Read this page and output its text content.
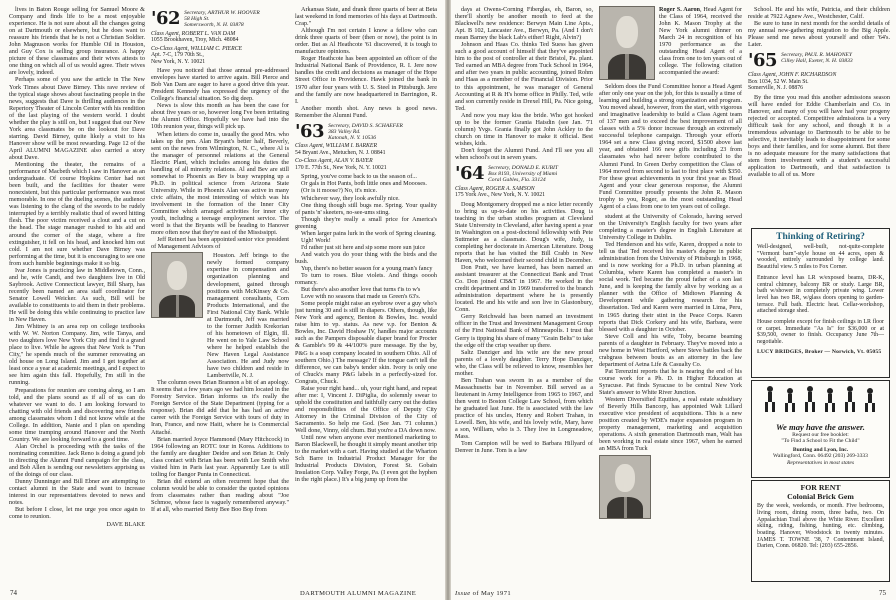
lives in Baton Rouge selling for Samuel Moore & Company and finds life to be a most enjoyable experience. He is not sure about all the changes going on at Dartmouth or elsewhere, but he does want to reassure his friends that he is not a Christian Soldier. John Magnuson works for Humble Oil in Houston, and Guy Cox is selling group insurance. A happy picture of these classmates and their wives attests to one thing on which all of us would agree. Their wives are lovely, indeed.

Perhaps some of you saw the article in The New York Times about Dave Birney. This rave review of the typical stage shows about fascinating people in the news, suggests that Dave is thrilling audiences in the Repertory Theater of Lincoln Center with his rendition of the last playing of the western world. I doubt whether the play is still on, but I suggest that our New York area classmates be on the lookout for Dave starring. David Birney, quite likely a visit to his Hanover show will be most rewarding. Page 12 of the April ALUMNI MAGAZINE also carried a story about Dave.

Mentioning the theater, the remains of a performance of Macbeth which I saw in Hanover as an undergraduate. Of course Hopkins Center had not been built, and the facilities for theater were nonexistent, but this particular performance was most memorable. In one of the dueling scenes, the audience was listening to the clang of the swords to be rudely interrupted by a terribly realistic thud of sword hitting flesh. The poor victim received a clout and a cut on the head. The stage manager rushed to his aid and around the corner of the stage, where a fire extinguisher, it fell on his head, and knocked him out cold. I am not sure whether Dave Birney was performing at the time, but it is encouraging to see one from such humble beginnings make it so big.

Ivar Jones is practicing law in Middletown, Conn., and he, wife Candi, and two daughters live in Old Saybrook. Active Connecticut lawyer, Bill Sharp, has recently been named an area staff coordinator for Senator Lowell Weicker. As such, Bill will be available to constituents to aid them in their problems. He will be doing this while continuing to practice law in New Haven.

Jim Whitney is an area rep on college textbooks with W. W. Norton Company. Jim, wife Tanya, and two daughters love New York City and find it a grand place to live. While he agrees that New York is "Fun City," he spends much of the summer renovating an old house on Long Island. Jim and I get together at least once a year at academic meetings, and I expect to see him again this fall. Hopefully, I'm still in the running.

Preparations for reunion are coming along, so I am told, and the plans sound as if all of us can do whatever we want to do. I am looking forward to chatting with old friends and discovering new friends among classmates whom I did not know while at the College. In addition, Nanie and I plan on spending some time tramping around Hanover and the North Country. We are looking forward to a good time.

Alan Orchel is proceeding with the tasks of the nominating committee. Jack Reno is doing a grand job in directing the Alumni Fund campaign for the class, and Bob Allen is sending our newsletters apprising us of the doings of our class.

Dunny Dunninger and Bill Ebner are attempting to contact alumni in the State and want to increase interest in our representatives devoted to news and notes.

But before I close, let me urge you once again to come to reunion.

DAVE BLAKE

'62 Secretary, ARTHUR W. HOOVER
58 High St.
Somersworth, N. H. 03878
Class Agent, ROBERT L. VAN DAM
1055 Brookhaven, Troy, Mich. 48084
Co-Class Agent, WILLIAM C. PIERCE
Apt. 7-C, 179 70th St.,
New York, N. Y. 10021

Have you noticed that those annual pre-addressed envelopes have started to arrive again. Bill Pierce and Bob Van Dam are eager to have a good drive this year. President Kennedy has expressed the urgency of the College's financial situation. So dig deep.

News is slow this month as has been the case for about five years or so, however long I've been irritating the Alumni Office. Hopefully we have had into the 10th reunion year, things will pick up.

When letters do come in, usually the good Mrs. who takes up the pen. Alan Bryant's better half, Beverly, sent on the news from Wilmington, N. C., where Al is the manager of personnel relations at the General Electric Plant, which includes among his duties the handling of all minority relations. Al and Bev are still somewhat to Phoenix as Bev is busy wrapping up a Ph.D. in political science from Arizona State University. While in Phoenix Alan was active in many civic affairs, the most interesting of which was his involvement in the formation of the Inner City Committee which arranged activities for inner city youth, including a teenage employment service. The word is that the Bryants will be heading to Hanover more often now that they're east of the Mississippi.

Jeff Reinert has been appointed senior vice president of Management Advisors of

Houston. Jeff brings to the newly formed company expertise in compensation and organization planning and development, gained through positions with McKinsey & Co. management consultants, Corn Products International, and the First National City Bank. While at Dartmouth, Jeff was married to the former Judith Krekorian of his hometown of Elgin, Ill. He went on to Yale Law School where he helped establish the New Haven Legal Assistance Association. He and Judy now have two children and reside in Lambertville, N. J.

The column owes Brian Brannon a bit of an apology. It seems that a few years ago we had him located in the Forestry Service. Brian informs us it's really the Foreign Service of the State Department (typing for a response). Brian did add that he has had an active career with the Foreign Service with tours of duty in Iran, France, and now Haiti, where he is Commercial Attaché.

Brian married Joyce Hammond (Mary Hitchcock) in 1964 following an ROTC tour in Korea. Additions to the family are daughter Deidre and son Brian Jr. Only class contact with Brian has been with Lee Smith who visited him in Paris last year. Apparently Lee is still toiling for Bangor Punta in Connecticut.

Brian did extend an often recurrent hope that the column would be able to consider the quoted opinions from classmates rather than reading about "Joe Schmoe, whose face is vaguely remembered anyway." If at all, who married Betty Bee Boo Bop from

Arkansas State, and drank three quarts of beer at Beta last weekend in fond memories of his days at Dartmouth. Crap."

Although I'm not certain I know a fellow who can drink three quarts of beer (then or now), the point is in order. But as Al Heathcote '61 discovered, it is tough to manufacture opinions.

Roger Heathcote has been appointed an officer of the Industrial National Bank of Providence, R. I. Jere now handles the credit and decisions as manager of the Hope Street Office in Providence. Hawk joined the bank in 1970 after four years with U. S. Steel in Pittsburgh. Jere and the family are now headquartered in Barrington, R. I.

Another month shot. Any news is good news. Remember the Alumni Fund.

'63 Secretary, DAVID S. SCHAEFER
383 Valley Rd.
Katonah, N. Y. 10536
Class Agent, WILLIAM I. BARKER
54 Bryant Ave., Metuchen, N. J. 08841
Co-Class Agent, ALAN V. BAYER
170 E. 77th St., New York, N. Y. 10021

Spring, you've come back to us the season of...

Or gals in Hot Pants, both little ones and Moooses.

(Or is it moose?) No, it's mice.

Whichever way, they look awfully nice.

One thing though still bugs me. Spring. Your quality of pants 'n' skeeters, no-see-ums sting.

Though they're really a small price for America's greening

When larger pains lurk in the work of Spring cleaning.

Ugh! Work!

I'd rather just sit here and sip some more sun juice

And watch you do your thing with the birds and the bush.

Yup, there's no better season for a young man's fancy

To turn to roses. Blue violets. And things ooooh romancy.

But there's also another love that turns t'is to w's

Love with no seasons that made us Green's 63's.

Some people might raise an eyebrow over a guy who's just turning 30 and is still in diapers. Others, though, like New York and agency, Benton & Bowles, Inc. would raise him to vp. status. As new v.p. for Benton & Bowles, Inc. David Hoshaw IV, handles major accounts such as the Pampers disposable diaper brand for Procter & Gamble's 99 & 44/100% pure message. By the by, P&G is a soap company located in southern Ohio. All of southern Ohio.) The message? If the tongue can't tell the difference, we can baby's tender skin. Ivory is only one of Chuck's many P&G labels in a perfectly-sized for. Congrats, Chuck.

Raise your right hand... uh, your right hand, and repeat after me: I, Vincent J. DiPiglia, do solemnly swear to uphold the constitution and faithfully carry out the duties and responsibilities of the Office of Deputy City Attorney in the Criminal Division of the City of Sacramento. So help me God. (See Jan. '71 column.) Well done, Vinny, old chum. But you're a DA down now.

Until now when anyone ever mentioned marketing to Baron Blackwell, he thought it simply meant another trip to the market with a cart. Having studied at the Wharton Sch Barre in Industrial Product Manager for the Industrial Products Division, Forest St. Gobain Insulation Corp. Valley Forge, Pa. (I even got the hyphen in the right place.) It's a big jump up from the

74	DARTMOUTH ALUMNI MAGAZINE

days at Owens-Corning Fiberglas, eh, Baron, so, there'll shortly be another mouth to feed at the Blackwell's new residence: Berwyn Main Line Apts., Apt. B 102, Lancaster Ave., Berwyn, Pa. (And I don't mean Barney the black Lab's either! Right, Alvin?)

Johnson and Haas Co. thinks Ted Suess has given such a good account of himself that they've appointed him to the post of controller at their Bristol, Pa. plant. Ted earned an MBA degree from Tuck School in 1964, and after two years in public accounting, joined Rohm and Haas as a member of the Financial Division. Prior to this appointment, he was manager of General Accounting at R & H's home office in Philly. Ted, wife and son currently reside in Drexel Hill, Pa. Nice going, Ted.

And now you may kiss the bride. Who got hooked up to be the former Grania Haisdin (see Jan. '71 column) Yvgs. Grania finally got John Ackley to the church on time in Hanover to make it official. Best wishes, kids.

Don't forget the Alumni Fund. And I'll see you all when school's out in seven years.

'64 Secretary, DONALD E. KUBIT
Box 8193, University of Miami
Coral Gables, Fla. 33124
Class Agent, ROGER A. SAMSON
175 York Ave., New York, N. Y. 10021

Doug Montgomery dropped me a nice letter recently to bring us up-to-date on his activities. Doug is teaching in the urban studies program at Cleveland State University in Cleveland, after having spent a year in Washington on a post-doctoral fellowship with Pete Suttmeier as a classmate. Doug's wife, Judy, is completing her doctorate in American Literature. Doug reports that he has visited the Bill Crabb in New Haven, who welcomed their second child in December.

Don Pratt, we have learned, has been named an assistant treasurer at the Connecticut Bank and Trust Co. Don joined CB&T in 1967. He worked in the credit department and in 1969 transferred to the branch administration department where he is presently located. He and his wife and son live in Glastonbury, Conn.

Gerry Reichwald has been named an investment officer in the Trust and Investment Management Group of the First National Bank of Minneapolis. I trust that Gerry is tipping his share of many "Grain Belts" to take the edge off the crisp weather up there.

Saltz Danziger and his wife are the new proud parents of a lovely daughter. Terry Hope Danziger, who, the Class will be relieved to know, resembles her mother.

Ben Trahan was sworn in as a member of the Massachusetts bar in November. Bill served as a lieutenant in Army Intelligence from 1965 to 1967, and then went to Boston College Law School, from which he graduated last June. He is associated with the law practice of his uncles, Henry and Robert Trahan, in Lowell. Ben, his wife, and his lovely wife, Mary, have a son, William, who is 3. They live in Longmeadow, Mass.

Tom Campion will be wed to Barbara Hillyard of Denver in June. Tom is a law

Roger S. Aaron, Head Agent for the Class of 1964, received the John K. Mason Trophy at the New York alumni dinner on March 24 in recognition of his 1970 performance as the outstanding Head Agent of a class from one to ten years out of college. The following citation accompanied the award:

Seldom does the Fund Committee honor a Head Agent after only one year on the job, for this is usually a time of learning and building a strong organization and program. You moved ahead, however, from the start, with vigorous and imaginative leadership to build a Class Agent team of 137 men and to exceed the best improvement of all classes with a 5% donor increase through an extremely successful telephone campaign. Through your efforts 1964 set a new Class giving record, $1500 above last year, and obtained 166 new gifts including 23 from classmates who had never before contributed to the Alumni Fund. In Green Derby competition the Class of 1964 moved from second to last to first place with $350. For these great achievements in your first year as Head Agent and your clear generous response, the Alumni Fund Committee proudly presents the John R. Mason trophy to you, Roger, as the most outstanding Head Agent of a class from one to ten years out of college.

student at the University of Colorado, having served on the University's English faculty for two years after completing a master's degree in English Literature at University College in Dublin.

Ted Henderson and his wife, Karen, dropped a note to tell us that Ted received his master's degree in public administration from the University of Pittsburgh in 1968, and is now working for a Ph.D. in urban planning at Columbia, where Karen has completed a master's in social work. Ted became the proud father of a son last June, and is keeping the family alive by working as a planner with the Office of Midtown Planning & Development while gathering research for his dissertation. Ted and Karen were married in Lima, Peru, in 1965 during their stint in the Peace Corps. Karen reports that Dick Corkery and his wife, Barbara, were blessed with a daughter in October.

Steve Coll and his wife, Toby, became beaming parents of a daughter in February. They've moved into a new home in West Hartford, where Steve battles back the crabgrass between bouts as an attorney in the law department of Aetna Life & Casualty Co.

Pat Terenzini reports that he is nearing the end of his course work for a Ph. D. in Higher Education at Syracuse. Pat finds Syracuse to be central New York State's answer to White River Junction.

Western Diversified Equities, a real estate subsidiary of Beverly Hills Bancorp, has appointed Walt Lillard executive vice president of acquisitions. This is a new position created by WDE's major expansion program in property management, marketing and acquisition operations. A sixth generation Dartmouth man, Walt has been working in real estate since 1967, when he earned an MBA from Tuck

School. He and his wife, Patricia, and their children reside at 7922 Agnew Ave., Westchester, Calif.

Be sure to tune in next month for the sordid details of my annual new-gathering migration to the Big Apple. Please send me news about yourself and other '64's. Later.

'65 Secretary, PAUL R. MAHONEY
Cilley Hall, Exeter, N. H. 03833
Class Agent, JOHN F. RICHARDSON
Box 1034, 52 W. Main St.
Somerville, N. J. 08876

By the time you read this another admissions season will have ended for Eddie Chamberlain and Co. in Hanover, and many of you will have had your progeny rejected or accepted. Competitive admissions is a very difficult task for any school, and though it is a tremendous advantage to Dartmouth to be able to be selective, it inevitably leads to disappointment for some boys and their families, and for some alumni. But there is no adequate measure for the many satisfactions that stem from involvement with a student's successful application to Dartmouth, and that satisfaction is available to all of us. More

Thinking of Retiring?
Well-designed, well-built, not-quite-complete "Vermont barn"-style house on 44 acres, open & wooded, entirely surrounded by college land. Beautiful view. 5 miles to Fox Corner.
Entrance level has LR w/exposed beams, DR-K, central chimney, balcony BR or study. Large BR, bath w/shower in completely private wing. Lower level has two BR, w/glass doors opening to garden-terrace. Full bath. Electric heat. Cellar-workshop, attached storage shed.
House complete except for finish ceilings in LR floor or carpet. Immediate "As Is" for $36,000 or at $39,500, owner to finish. Occupancy June 7th—negotiable.
LUCY BRIDGES, Broker — Norwich, Vt. 05055
We may have the answer.
Request our free booklet:
"To Find a School to Fit the Child"
Bunting and Lyon, Inc.
Wallingford, Conn. 06492 (203) 269-3333
Representatives in most states
FOR RENT
Colonial Brick Gem
By the week, weekends, or month. Five bedrooms, living room, dining room, three baths, two. On Appalachian Trail above the White River. Excellent skiing, riding, fishing, hunting, etc. climbing, boating. Hanover, Woodstock in twenty minutes. JAMES T. TOWNE '38, 7 Contentment Island, Darien, Conn. 06820. Tel: (203) 655-2856.
Issue of May 1971	75
